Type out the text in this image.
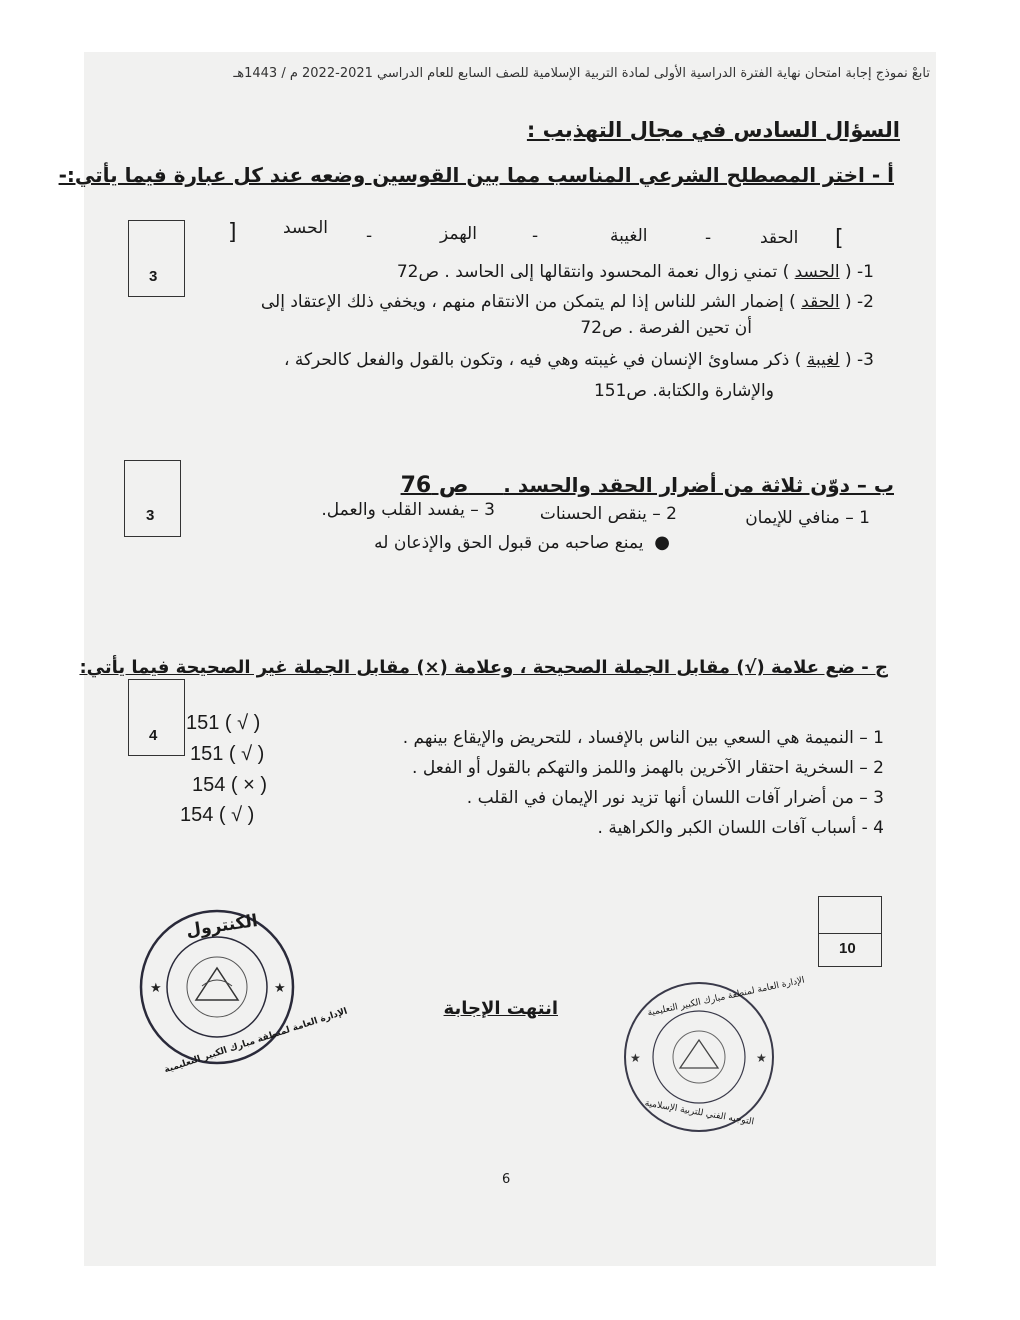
تابعْ نموذج إجابة امتحان نهاية الفترة الدراسية الأولى لمادة التربية الإسلامية للصف السابع للعام الدراسي 2021-2022 م / 1443هـ
السؤال السادس في مجال التهذيب :
أ - اختر المصطلح الشرعي المناسب مما بين القوسين وضعه عند كل عبارة فيما يأتي:-
[
]	الحقد
-
الغيبة
-
الهمز
-
الحسد
3	1- ( الحسد ) تمني زوال نعمة المحسود وانتقالها إلى الحاسد . ص72
2- ( الحقد ) إضمار الشر للناس إذا لم يتمكن من الانتقام منهم ، ويخفي ذلك الإعتقاد إلى
أن تحين الفرصة . ص72
3- ( لغيبة ) ذكر مساوئ الإنسان في غيبته وهي فيه ، وتكون بالقول والفعل كالحركة ،
والإشارة والكتابة. ص151
3
ب – دوّن ثلاثة من أضرار الحقد والحسد .     ص 76
1 – منافي للإيمان
2 – ينقص الحسنات
3 – يفسد القلب والعمل.
●  يمنع صاحبه من قبول الحق والإذعان له
ج - ضع علامة (√) مقابل الجملة الصحيحة ، وعلامة (×) مقابل الجملة غير الصحيحة فيما يأتي:
4	1 – النميمة هي السعي بين الناس بالإفساد ، للتحريض والإيقاع بينهم .
151 ( √ )
2 – السخرية احتقار الآخرين بالهمز واللمز والتهكم بالقول أو الفعل .
151 ( √ )
3 – من أضرار آفات اللسان أنها تزيد نور الإيمان في القلب .
154 ( × )
4 - أسباب آفات اللسان الكبر والكراهية .
154 ( √ )
10
انتهت الإجابة
★	★
الكنترول
الإدارة العامة لمنطقة مبارك الكبير التعليمية	★	★
الإدارة العامة لمنطقة مبارك الكبير التعليمية
التوجيه الفني للتربية الإسلامية
6
